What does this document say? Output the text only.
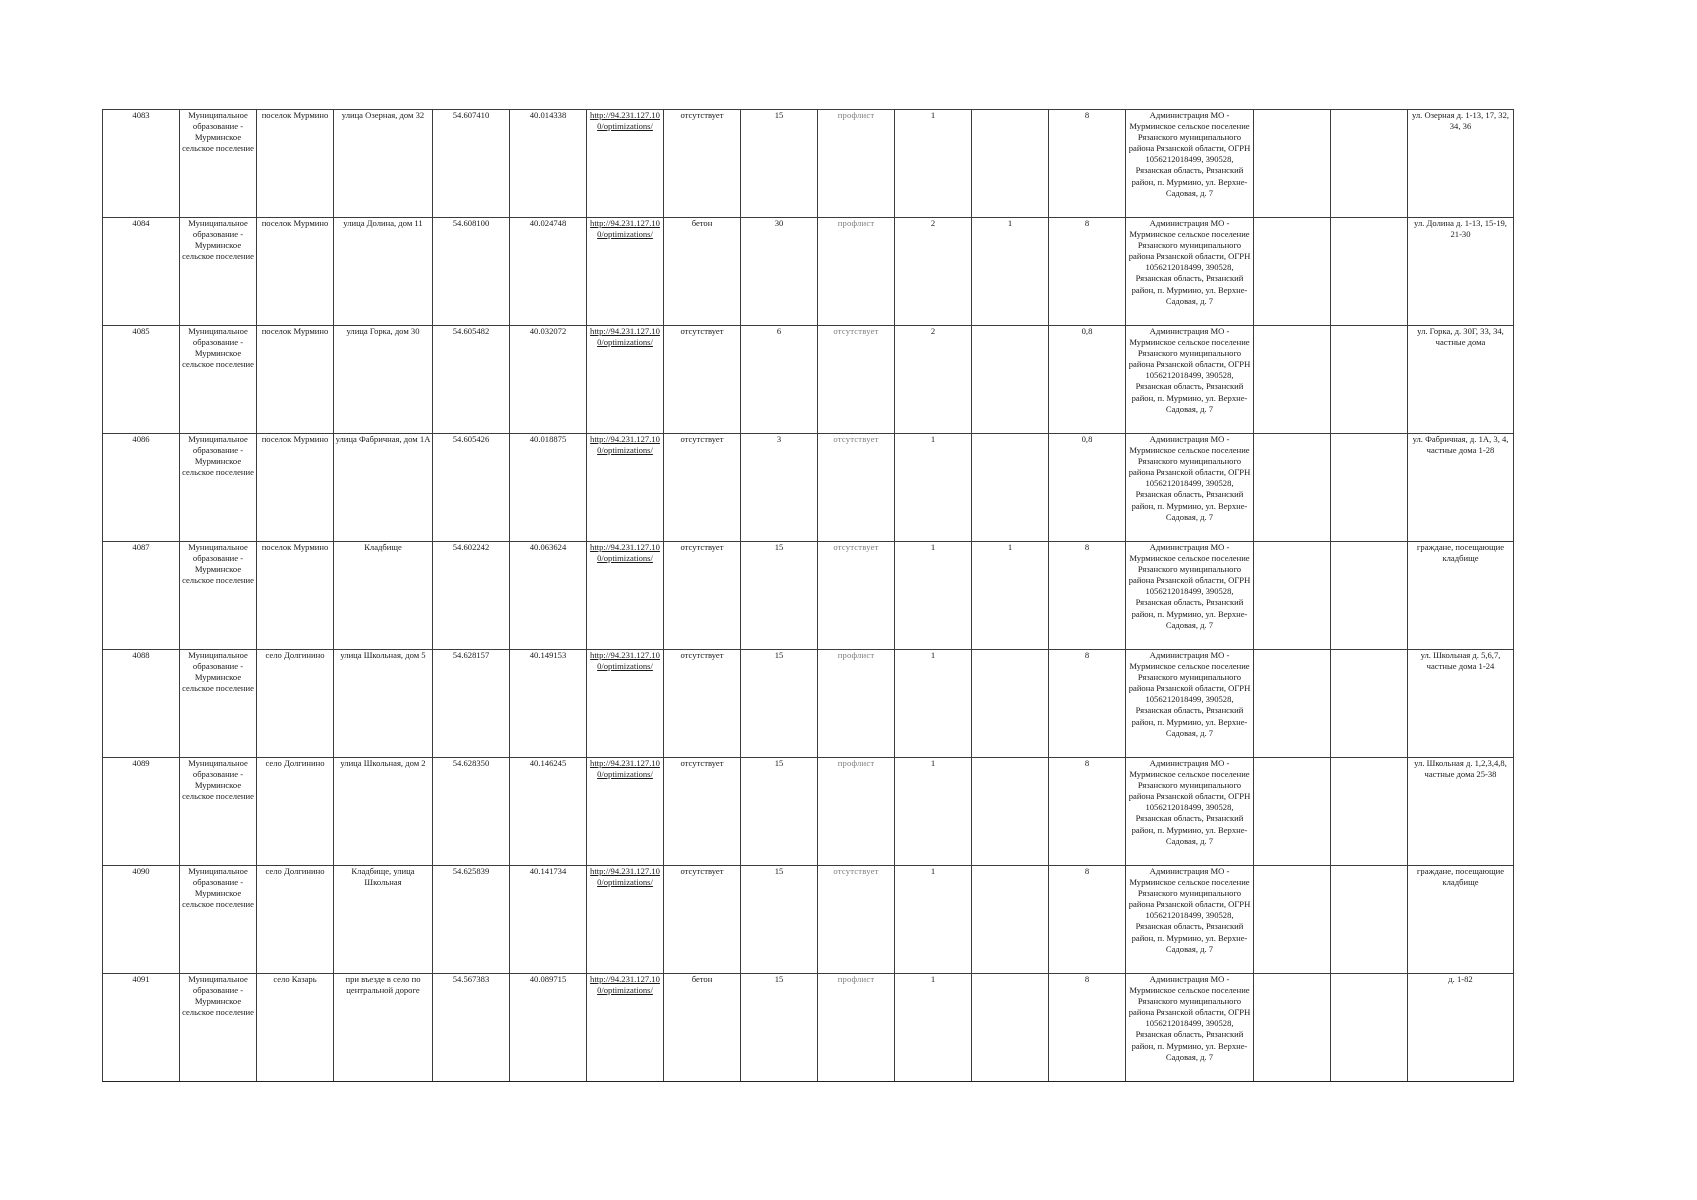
4083	Муниципальное образование - Мурминское сельское поселение	поселок Мурмино	улица Озерная, дом 32	54.607410	40.014338	http://94.231.127.10 0/optimizations/	отсутствует	15	профлист	1		8	Администрация МО - Мурминское сельское поселение Рязанского муниципального района Рязанской области, ОГРН 1056212018499, 390528, Рязанская область, Рязанский район, п. Мурмино, ул. Верхне-Садовая, д. 7			ул. Озерная д. 1-13, 17, 32, 34, 36
4084	Муниципальное образование - Мурминское сельское поселение	поселок Мурмино	улица Долина, дом 11	54.608100	40.024748	http://94.231.127.10 0/optimizations/	бетон	30	профлист	2	1	8	Администрация МО - Мурминское сельское поселение Рязанского муниципального района Рязанской области, ОГРН 1056212018499, 390528, Рязанская область, Рязанский район, п. Мурмино, ул. Верхне-Садовая, д. 7			ул. Долина д. 1-13, 15-19, 21-30
4085	Муниципальное образование - Мурминское сельское поселение	поселок Мурмино	улица Горка, дом 30	54.605482	40.032072	http://94.231.127.10 0/optimizations/	отсутствует	6	отсутствует	2		0,8	Администрация МО - Мурминское сельское поселение Рязанского муниципального района Рязанской области, ОГРН 1056212018499, 390528, Рязанская область, Рязанский район, п. Мурмино, ул. Верхне-Садовая, д. 7			ул. Горка, д. 30Г, 33, 34, частные дома
4086	Муниципальное образование - Мурминское сельское поселение	поселок Мурмино	улица Фабричная, дом 1А	54.605426	40.018875	http://94.231.127.10 0/optimizations/	отсутствует	3	отсутствует	1		0,8	Администрация МО - Мурминское сельское поселение Рязанского муниципального района Рязанской области, ОГРН 1056212018499, 390528, Рязанская область, Рязанский район, п. Мурмино, ул. Верхне-Садовая, д. 7			ул. Фабричная, д. 1А, 3, 4, частные дома 1-28
4087	Муниципальное образование - Мурминское сельское поселение	поселок Мурмино	Кладбище	54.602242	40.063624	http://94.231.127.10 0/optimizations/	отсутствует	15	отсутствует	1	1	8	Администрация МО - Мурминское сельское поселение Рязанского муниципального района Рязанской области, ОГРН 1056212018499, 390528, Рязанская область, Рязанский район, п. Мурмино, ул. Верхне-Садовая, д. 7			граждане, посещающие кладбище
4088	Муниципальное образование - Мурминское сельское поселение	село Долгинино	улица Школьная, дом 5	54.628157	40.149153	http://94.231.127.10 0/optimizations/	отсутствует	15	профлист	1		8	Администрация МО - Мурминское сельское поселение Рязанского муниципального района Рязанской области, ОГРН 1056212018499, 390528, Рязанская область, Рязанский район, п. Мурмино, ул. Верхне-Садовая, д. 7			ул. Школьная д. 5,6,7, частные дома 1-24
4089	Муниципальное образование - Мурминское сельское поселение	село Долгинино	улица Школьная, дом 2	54.628350	40.146245	http://94.231.127.10 0/optimizations/	отсутствует	15	профлист	1		8	Администрация МО - Мурминское сельское поселение Рязанского муниципального района Рязанской области, ОГРН 1056212018499, 390528, Рязанская область, Рязанский район, п. Мурмино, ул. Верхне-Садовая, д. 7			ул. Школьная д. 1,2,3,4,8, частные дома 25-38
4090	Муниципальное образование - Мурминское сельское поселение	село Долгинино	Кладбище, улица Школьная	54.625839	40.141734	http://94.231.127.10 0/optimizations/	отсутствует	15	отсутствует	1		8	Администрация МО - Мурминское сельское поселение Рязанского муниципального района Рязанской области, ОГРН 1056212018499, 390528, Рязанская область, Рязанский район, п. Мурмино, ул. Верхне-Садовая, д. 7			граждане, посещающие кладбище
4091	Муниципальное образование - Мурминское сельское поселение	село Казарь	при въезде в село по центральной дороге	54.567383	40.089715	http://94.231.127.10 0/optimizations/	бетон	15	профлист	1		8	Администрация МО - Мурминское сельское поселение Рязанского муниципального района Рязанской области, ОГРН 1056212018499, 390528, Рязанская область, Рязанский район, п. Мурмино, ул. Верхне-Садовая, д. 7			д. 1-82
